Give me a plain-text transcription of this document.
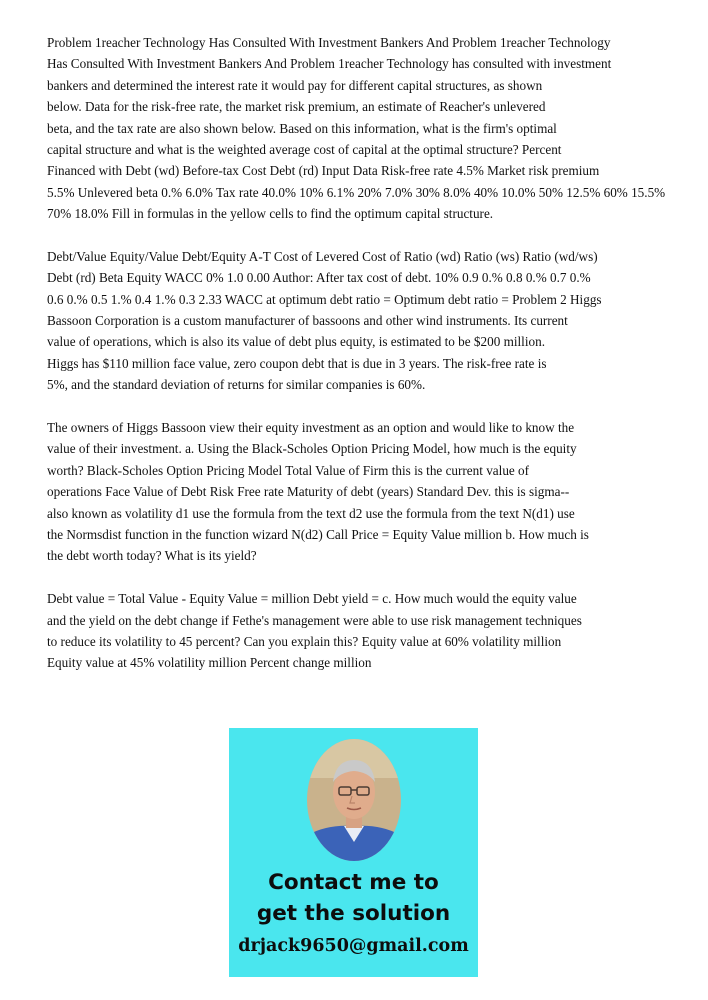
Problem 1reacher Technology Has Consulted With Investment Bankers And Problem 1reacher Technology
Has Consulted With Investment Bankers And Problem 1reacher Technology has consulted with investment
bankers and determined the interest rate it would pay for different capital structures, as shown
below. Data for the risk-free rate, the market risk premium, an estimate of Reacher's unlevered
beta, and the tax rate are also shown below. Based on this information, what is the firm's optimal
capital structure and what is the weighted average cost of capital at the optimal structure? Percent
Financed with Debt (wd) Before-tax Cost Debt (rd) Input Data Risk-free rate 4.5% Market risk premium
5.5% Unlevered beta 0.% 6.0% Tax rate 40.0% 10% 6.1% 20% 7.0% 30% 8.0% 40% 10.0% 50% 12.5% 60% 15.5%
70% 18.0% Fill in formulas in the yellow cells to find the optimum capital structure.
Debt/Value Equity/Value Debt/Equity A-T Cost of Levered Cost of Ratio (wd) Ratio (ws) Ratio (wd/ws)
Debt (rd) Beta Equity WACC 0% 1.0 0.00 Author: After tax cost of debt. 10% 0.9 0.% 0.8 0.% 0.7 0.%
0.6 0.% 0.5 1.% 0.4 1.% 0.3 2.33 WACC at optimum debt ratio = Optimum debt ratio = Problem 2 Higgs
Bassoon Corporation is a custom manufacturer of bassoons and other wind instruments. Its current
value of operations, which is also its value of debt plus equity, is estimated to be $200 million.
Higgs has $110 million face value, zero coupon debt that is due in 3 years. The risk-free rate is
5%, and the standard deviation of returns for similar companies is 60%.
The owners of Higgs Bassoon view their equity investment as an option and would like to know the
value of their investment. a. Using the Black-Scholes Option Pricing Model, how much is the equity
worth? Black-Scholes Option Pricing Model Total Value of Firm this is the current value of
operations Face Value of Debt Risk Free rate Maturity of debt (years) Standard Dev. this is sigma--
also known as volatility d1 use the formula from the text d2 use the formula from the text N(d1) use
the Normsdist function in the function wizard N(d2) Call Price = Equity Value million b. How much is
the debt worth today? What is its yield?
Debt value = Total Value - Equity Value = million Debt yield = c. How much would the equity value
and the yield on the debt change if Fethe's management were able to use risk management techniques
to reduce its volatility to 45 percent? Can you explain this? Equity value at 60% volatility million
Equity value at 45% volatility million Percent change million
Contact me to
get the solution
drjack9650@gmail.com
